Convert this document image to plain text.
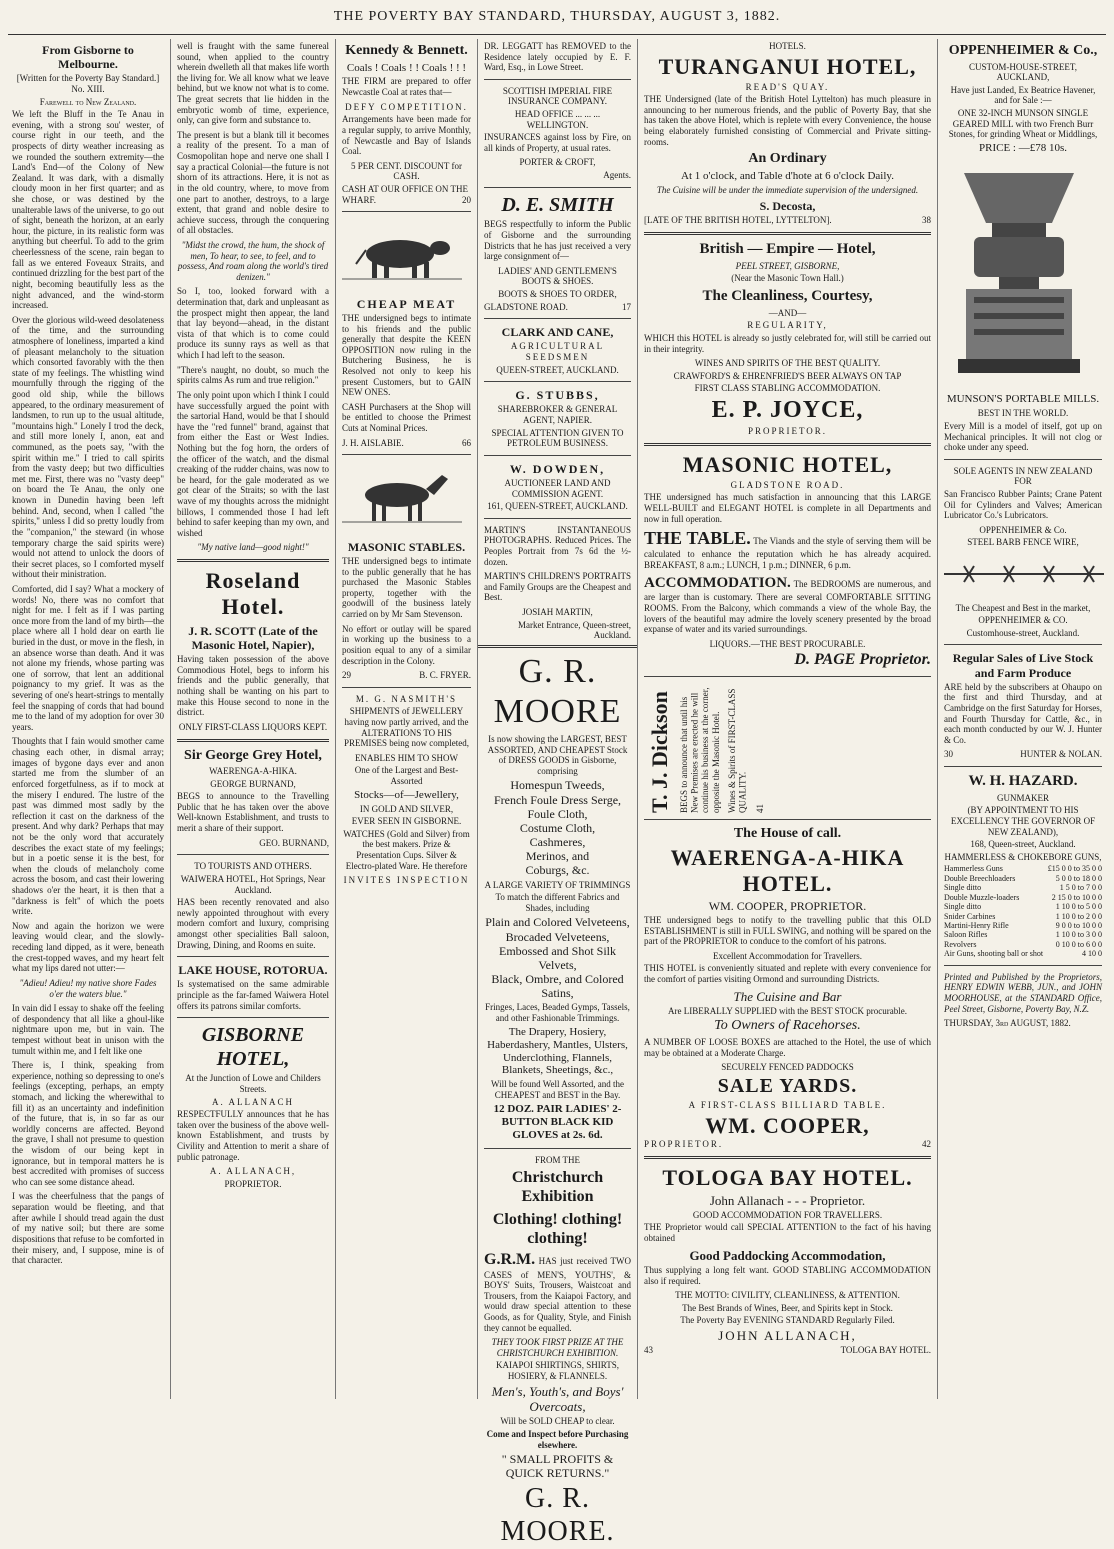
THE POVERTY BAY STANDARD, THURSDAY, AUGUST 3, 1882.
From Gisborne to Melbourne.
[Written for the Poverty Bay Standard.] No. XIII.
Farewell to New Zealand.

We left the Bluff in the Te Anau in evening, with a strong sou' wester, of course right in our teeth, and the prospects of dirty weather increasing as we rounded the southern extremity—the Land's End—of the Colony of New Zealand. It was dark, with a dismally cloudy moon in her first quarter; and as she chose, or was destined by the unalterable laws of the universe, to go out of sight, beneath the horizon, at an early hour, the picture, in its realistic form was anything but cheerful. To add to the grim cheerlessness of the scene, rain began to fall as we entered Foveaux Straits, and continued drizzling for the best part of the night, becoming beautifully less as the night advanced, and the wind-storm increased.

Over the glorious wild-weed desolateness of the time, and the surrounding atmosphere of loneliness, imparted a kind of pleasant melancholy to the situation which consorted favorably with the then state of my feelings. The whistling wind mournfully through the rigging of the good old ship, while the billows appeared, to the ordinary measurement of landsmen, to run up to the usual altitude, "mountains high." Lonely I trod the deck, and still more lonely I, anon, eat and communed, as the poets say, "with the spirit within me." I tried to call spirits from the vasty deep; but two difficulties met me. First, there was no "vasty deep" on board the Te Anau, the only one known in Dunedin having been left behind. And, second, when I called "the spirits," unless I did so pretty loudly from the "companion," the steward (in whose temporary charge the said spirits were) would not attend to unlock the doors of their secret places, so I comforted myself without their ministration.

Comforted, did I say? What a mockery of words! No, there was no comfort that night for me. I felt as if I was parting once more from the land of my birth—the place where all I hold dear on earth lie buried in the dust, or move in the flesh, in an absence worse than death. And it was not alone my friends, whose parting was one of sorrow, that lent an additional poignancy to my grief. It was as the severing of one's heart-strings to mentally feel the snapping of cords that had bound me to the land of my adoption for over 30 years.

Thoughts that I fain would smother came chasing each other, in dismal array; images of bygone days ever and anon started me from the slumber of an enforced forgetfulness, as if to mock at the misery I endured. The lustre of the past was dimmed most sadly by the reflection it cast on the darkness of the present. And why dark? Perhaps that may not be the only word that accurately describes the exact state of my feelings; but in a poetic sense it is the best, for when the clouds of melancholy come across the bosom, and cast their lowering shadows o'er the heart, it is then that a "darkness is felt" of which the poets write.

Now and again the horizon we were leaving would clear, and the slowly-receding land dipped, as it were, beneath the crest-topped waves, and my heart felt what my lips dared not utter:—

"Adieu! Adieu! my native shore Fades o'er the waters blue."

In vain did I essay to shake off the feeling of despondency that all like a ghoul-like nightmare upon me, but in vain. The tempest without beat in unison with the tumult within me, and I felt like one

There is, I think, speaking from experience, nothing so depressing to one's feelings (excepting, perhaps, an empty stomach, and licking the wherewithal to fill it) as an uncertainty and indefinition of the future, that is, in so far as our worldly concerns are affected. Beyond the grave, I shall not presume to question the wisdom of our being kept in ignorance, but in temporal matters he is best accredited with promises of success who can see some distance ahead.

I was the cheerfulness that the pangs of separation would be fleeting, and that after awhile I should tread again the dust of my native soil; but there are some dispositions that refuse to be comforted in their misery, and, I suppose, mine is of that character.

well is fraught with the same funereal sound, when applied to the country wherein dwelleth all that makes life worth the living for. We all know what we leave behind, but we know not what is to come. The great secrets that lie hidden in the embryotic womb of time, experience, only, can give form and substance to.

The present is but a blank till it becomes a reality of the present. To a man of Cosmopolitan hope and nerve one shall I say a practical Colonial—the future is not shorn of its attractions. Here, it is not as in the old country, where, to move from one part to another, destroys, to a large extent, that grand and noble desire to achieve success, through the conquering of all obstacles.

"Midst the crowd, the hum, the shock of men, To hear, to see, to feel, and to possess, And roam along the world's tired denizen."

So I, too, looked forward with a determination that, dark and unpleasant as the prospect might then appear, the land that lay beyond—ahead, in the distant vista of that which is to come could produce its sunny rays as well as that which I had left to the season.

"There's naught, no doubt, so much the spirits calms As rum and true religion."

The only point upon which I think I could have successfully argued the point with the sartorial Hand, would be that I should have the "red funnel" brand, against that from either the East or West Indies. Nothing but the fog horn, the orders of the officer of the watch, and the dismal creaking of the rudder chains, was now to be heard, for the gale moderated as we got clear of the Straits; so with the last wave of my thoughts across the midnight billows, I commended those I had left behind to safer keeping than my own, and wished

"My native land—good night!"

Roseland Hotel.
J. R. SCOTT (Late of the Masonic Hotel, Napier),

Having taken possession of the above Commodious Hotel, begs to inform his friends and the public generally, that nothing shall be wanting on his part to make this House second to none in the district.

ONLY FIRST-CLASS LIQUORS KEPT.
Sir George Grey Hotel,
WAERENGA-A-HIKA.
GEORGE BURNAND,

BEGS to announce to the Travelling Public that he has taken over the above Well-known Establishment, and trusts to merit a share of their support.

GEO. BURNAND,
TO TOURISTS AND OTHERS.
WAIWERA HOTEL, Hot Springs, Near Auckland.

HAS been recently renovated and also newly appointed throughout with every modern comfort and luxury, comprising amongst other specialities Ball saloon, Drawing, Dining, and Rooms en suite.

LAKE HOUSE, ROTORUA.

Is systematised on the same admirable principle as the far-famed Waiwera Hotel offers its patrons similar comforts.

GISBORNE HOTEL,
At the Junction of Lowe and Childers Streets.
A. ALLANACH

RESPECTFULLY announces that he has taken over the business of the above well-known Establishment, and trusts by Civility and Attention to merit a share of public patronage.

A. ALLANACH,
PROPRIETOR.
Kennedy & Bennett.
Coals ! Coals ! ! Coals ! ! !

THE FIRM are prepared to offer Newcastle Coal at rates that—

DEFY COMPETITION.

Arrangements have been made for a regular supply, to arrive Monthly, of Newcastle and Bay of Islands Coal.

5 PER CENT. DISCOUNT for CASH.
CASH AT OUR OFFICE ON THE WHARF.	20
CHEAP MEAT

THE undersigned begs to intimate to his friends and the public generally that despite the KEEN OPPOSITION now ruling in the Butchering Business, he is Resolved not only to keep his present Customers, but to GAIN NEW ONES.

CASH Purchasers at the Shop will be entitled to choose the Primest Cuts at Nominal Prices.

J. H. AISLABIE.	66
MASONIC STABLES.

THE undersigned begs to intimate to the public generally that he has purchased the Masonic Stables property, together with the goodwill of the business lately carried on by Mr Sam Stevenson.

No effort or outlay will be spared in working up the business to a position equal to any of a similar description in the Colony.

B. C. FRYER.
29
M. G. NASMITH'S

SHIPMENTS of JEWELLERY having now partly arrived, and the ALTERATIONS TO HIS PREMISES being now completed,

ENABLES HIM TO SHOW
One of the Largest and Best-Assorted
Stocks—of—Jewellery,
IN GOLD AND SILVER,
EVER SEEN IN GISBORNE.

WATCHES (Gold and Silver) from the best makers. Prize & Presentation Cups. Silver & Electro-plated Ware. He therefore

INVITES INSPECTION

DR. LEGGATT has REMOVED to the Residence lately occupied by E. F. Ward, Esq., in Lowe Street.

SCOTTISH IMPERIAL FIRE INSURANCE COMPANY.
HEAD OFFICE ... ... ... WELLINGTON.

INSURANCES against loss by Fire, on all kinds of Property, at usual rates.

PORTER & CROFT,
Agents.
D. E. SMITH

BEGS respectfully to inform the Public of Gisborne and the surrounding Districts that he has just received a very large consignment of—

LADIES' AND GENTLEMEN'S BOOTS & SHOES.
BOOTS & SHOES TO ORDER,
GLADSTONE ROAD.	17
CLARK AND CANE,
AGRICULTURAL SEEDSMEN
QUEEN-STREET, AUCKLAND.
G. STUBBS,
SHAREBROKER & GENERAL AGENT, NAPIER.
SPECIAL ATTENTION GIVEN TO PETROLEUM BUSINESS.
W. DOWDEN,
AUCTIONEER LAND AND COMMISSION AGENT.
161, QUEEN-STREET, AUCKLAND.

MARTIN'S INSTANTANEOUS PHOTOGRAPHS. Reduced Prices. The Peoples Portrait from 7s 6d the ½-dozen.

MARTIN'S CHILDREN'S PORTRAITS and Family Groups are the Cheapest and Best.

JOSIAH MARTIN,
Market Entrance, Queen-street, Auckland.
G. R. MOORE
Is now showing the LARGEST, BEST ASSORTED, AND CHEAPEST Stock of DRESS GOODS in Gisborne, comprising
Homespun Tweeds,
French Foule Dress Serge,
Foule Cloth,
Costume Cloth,
Cashmeres,
Merinos, and
Coburgs, &c.
A LARGE VARIETY OF TRIMMINGS
To match the different Fabrics and Shades, including
Plain and Colored Velveteens,
Brocaded Velveteens,
Embossed and Shot Silk Velvets,
Black, Ombre, and Colored Satins,
Fringes, Laces, Beaded Gymps, Tassels, and other Fashionable Trimmings.
The Drapery, Hosiery, Haberdashery, Mantles, Ulsters, Underclothing, Flannels, Blankets, Sheetings, &c.,
Will be found Well Assorted, and the CHEAPEST and BEST in the Bay.
12 DOZ. PAIR LADIES' 2-BUTTON BLACK KID GLOVES at 2s. 6d.
FROM THE
Christchurch Exhibition
Clothing! clothing! clothing!

G.R.M. HAS just received TWO CASES of MEN'S, YOUTHS', & BOYS' Suits, Trousers, Waistcoat and Trousers, from the Kaiapoi Factory, and would draw special attention to these Goods, as for Quality, Style, and Finish they cannot be equalled.

THEY TOOK FIRST PRIZE AT THE CHRISTCHURCH EXHIBITION.
KAIAPOI SHIRTINGS, SHIRTS, HOSIERY, & FLANNELS.
Men's, Youth's, and Boys' Overcoats,
Will be SOLD CHEAP to clear.
Come and Inspect before Purchasing elsewhere.
" SMALL PROFITS & QUICK RETURNS."
G. R. MOORE.
HOTELS.
TURANGANUI HOTEL,
READ'S QUAY.

THE Undersigned (late of the British Hotel Lyttelton) has much pleasure in announcing to her numerous friends, and the public of Poverty Bay, that she has taken the above Hotel, which is replete with every Convenience, the house being elaborately furnished consisting of Commercial and Private sitting-rooms.

An Ordinary
At 1 o'clock, and Table d'hote at 6 o'clock Daily.
The Cuisine will be under the immediate supervision of the undersigned.
S. Decosta,
[LATE OF THE BRITISH HOTEL, LYTTELTON].	38
British — Empire — Hotel,
PEEL STREET, GISBORNE,
(Near the Masonic Town Hall.)
The Cleanliness, Courtesy,
—AND—
REGULARITY,

WHICH this HOTEL is already so justly celebrated for, will still be carried out in their integrity.

WINES AND SPIRITS OF THE BEST QUALITY.
CRAWFORD'S & EHRENFRIED'S BEER ALWAYS ON TAP
FIRST CLASS STABLING ACCOMMODATION.
E. P. JOYCE,
PROPRIETOR.
MASONIC HOTEL,
GLADSTONE ROAD.

THE undersigned has much satisfaction in announcing that this LARGE WELL-BUILT and ELEGANT HOTEL is complete in all Departments and now in full operation.

THE TABLE. The Viands and the style of serving them will be calculated to enhance the reputation which he has already acquired. BREAKFAST, 8 a.m.; LUNCH, 1 p.m.; DINNER, 6 p.m.

ACCOMMODATION. The BEDROOMS are numerous, and are larger than is customary. There are several COMFORTABLE SITTING ROOMS. From the Balcony, which commands a view of the whole Bay, the lovers of the beautiful may admire the lovely scenery presented by the broad expanse of water and its varied surroundings.

LIQUORS.—THE BEST PROCURABLE.
D. PAGE Proprietor.
T. J. Dickson BEGS to announce that until his New Premises are erected he will continue his business at the corner, opposite the Masonic Hotel. Wines & Spirits of FIRST-CLASS QUALITY. 41
The House of call.
WAERENGA-A-HIKA HOTEL.
WM. COOPER, PROPRIETOR.

THE undersigned begs to notify to the travelling public that this OLD ESTABLISHMENT is still in FULL SWING, and nothing will be spared on the part of the PROPRIETOR to conduce to the comfort of his patrons.

Excellent Accommodation for Travellers.

THIS HOTEL is conveniently situated and replete with every convenience for the comfort of parties visiting Ormond and surrounding Districts.

The Cuisine and Bar
Are LIBERALLY SUPPLIED with the BEST STOCK procurable.
To Owners of Racehorses.

A NUMBER OF LOOSE BOXES are attached to the Hotel, the use of which may be obtained at a Moderate Charge.

SECURELY FENCED PADDOCKS
SALE YARDS.
A FIRST-CLASS BILLIARD TABLE.
WM. COOPER,
PROPRIETOR.	42
TOLOGA BAY HOTEL.
John Allanach - - - Proprietor.
GOOD ACCOMMODATION FOR TRAVELLERS.

THE Proprietor would call SPECIAL ATTENTION to the fact of his having obtained

Good Paddocking Accommodation,

Thus supplying a long felt want. GOOD STABLING ACCOMMODATION also if required.

THE MOTTO: CIVILITY, CLEANLINESS, & ATTENTION.
The Best Brands of Wines, Beer, and Spirits kept in Stock.
The Poverty Bay EVENING STANDARD Regularly Filed.
JOHN ALLANACH,
43	TOLOGA BAY HOTEL.
OPPENHEIMER & Co.,
CUSTOM-HOUSE-STREET, AUCKLAND,
Have just Landed, Ex Beatrice Havener, and for Sale :—
ONE 32-INCH MUNSON SINGLE GEARED MILL with two French Burr Stones, for grinding Wheat or Middlings,
PRICE : —£78 10s.
MUNSON'S PORTABLE MILLS.
BEST IN THE WORLD.

Every Mill is a model of itself, got up on Mechanical principles. It will not clog or choke under any speed.

SOLE AGENTS IN NEW ZEALAND FOR

San Francisco Rubber Paints; Crane Patent Oil for Cylinders and Valves; American Lubricator Co.'s Lubricators.

OPPENHEIMER & Co.
STEEL BARB FENCE WIRE,
The Cheapest and Best in the market,
OPPENHEIMER & CO.
Customhouse-street, Auckland.
Regular Sales of Live Stock and Farm Produce

ARE held by the subscribers at Ohaupo on the first and third Thursday, and at Cambridge on the first Saturday for Horses, and Fourth Thursday for Cattle, &c., in each month conducted by our W. J. Hunter & Co.

30	HUNTER & NOLAN.
W. H. HAZARD.
GUNMAKER
(BY APPOINTMENT TO HIS EXCELLENCY THE GOVERNOR OF NEW ZEALAND),
168, Queen-street, Auckland.
HAMMERLESS & CHOKEBORE GUNS,
Hammerless Guns	£15 0 0 to 35 0 0
Double Breechloaders	5 0 0 to 18 0 0
Single ditto	1 5 0 to 7 0 0
Double Muzzle-loaders	2 15 0 to 10 0 0
Single ditto	1 10 0 to 5 0 0
Snider Carbines	1 10 0 to 2 0 0
Martini-Henry Rifle	9 0 0 to 10 0 0
Saloon Rifles	1 10 0 to 3 0 0
Revolvers	0 10 0 to 6 0 0
Air Guns, shooting ball or shot	4 10 0

Printed and Published by the Proprietors, HENRY EDWIN WEBB, JUN., and JOHN MOORHOUSE, at the STANDARD Office, Peel Street, Gisborne, Poverty Bay, N.Z.

THURSDAY, 3rd AUGUST, 1882.
